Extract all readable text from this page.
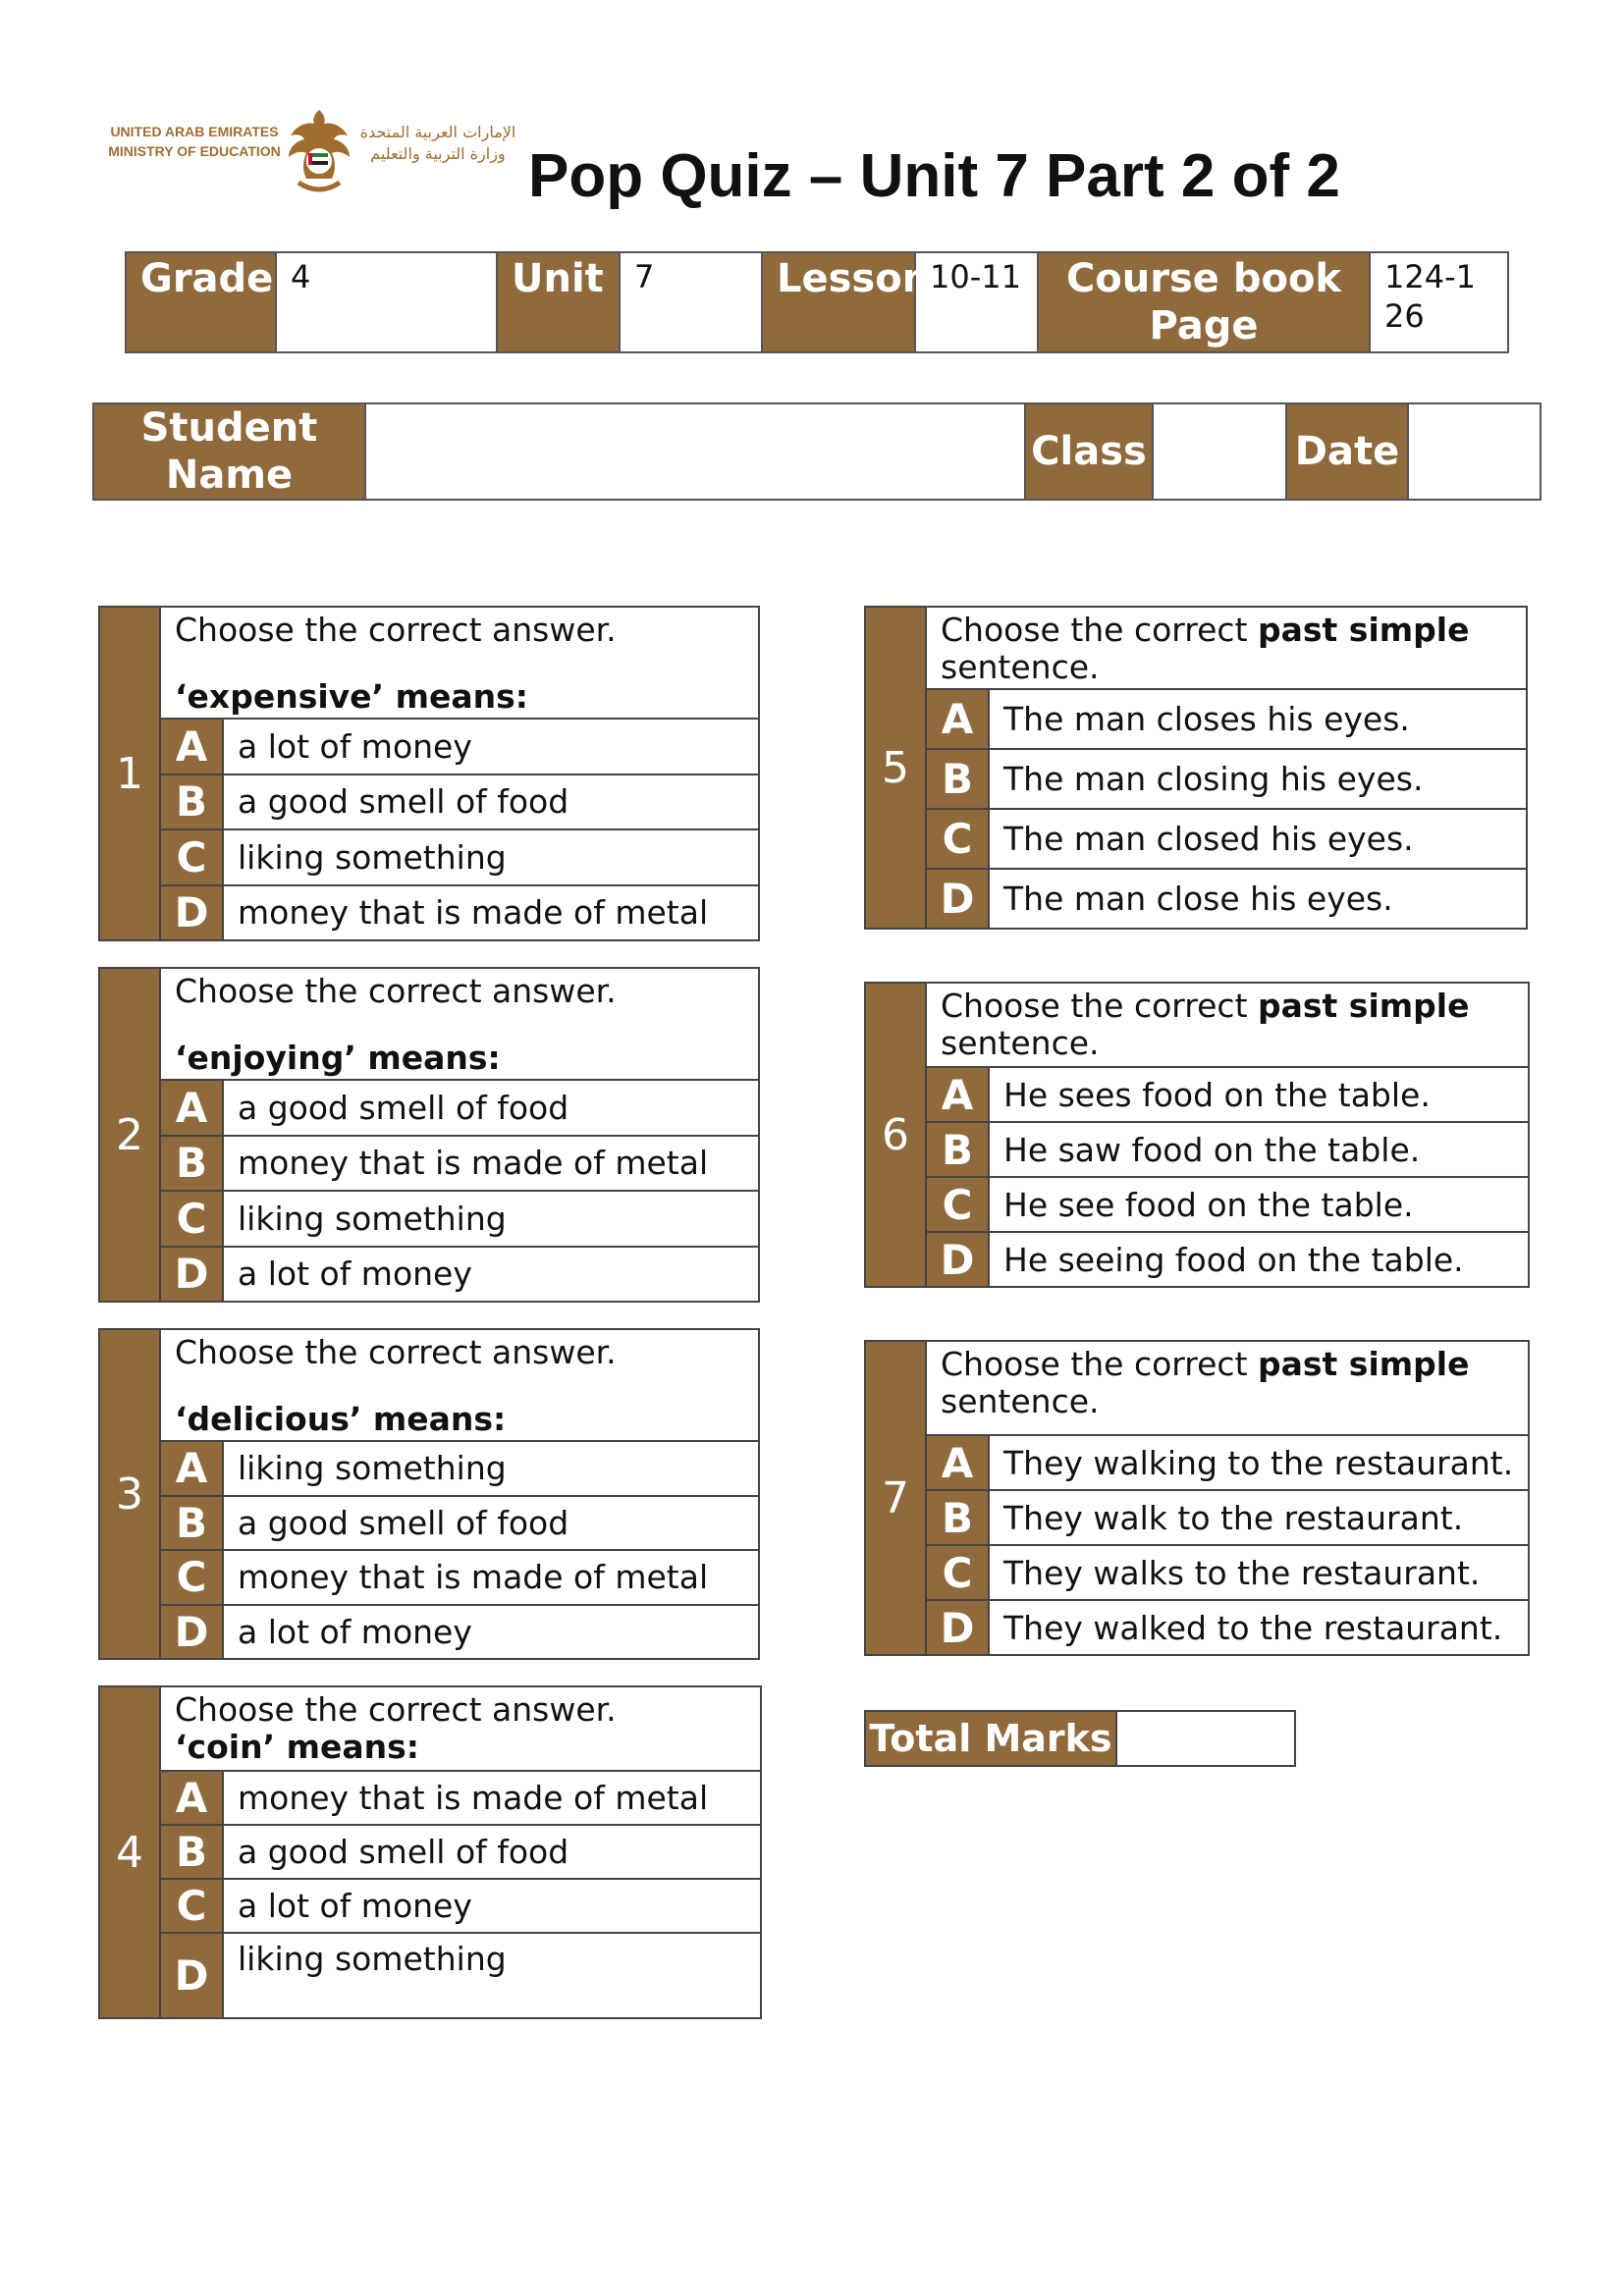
UNITED ARAB EMIRATES
MINISTRY OF EDUCATION
الإمارات العربية المتحدة
وزارة التربية والتعليم Pop Quiz – Unit 7 Part 2 of 2
Grade	4	Unit	7	Lesson	10-11	Course book Page	124-126
Student Name		Class		Date	
1
Choose the correct answer.
‘expensive’ means:
A a lot of money
B a good smell of food
C liking something
D money that is made of metal
2
Choose the correct answer.
‘enjoying’ means:
A a good smell of food
B money that is made of metal
C liking something
D a lot of money
3
Choose the correct answer.
‘delicious’ means:
A liking something
B a good smell of food
C money that is made of metal
D a lot of money
4
Choose the correct answer.
‘coin’ means:
A money that is made of metal
B a good smell of food
C a lot of money
D liking something
5
Choose the correct past simple
sentence.
A The man closes his eyes.
B The man closing his eyes.
C The man closed his eyes.
D The man close his eyes.
6
Choose the correct past simple
sentence.
A He sees food on the table.
B He saw food on the table.
C He see food on the table.
D He seeing food on the table.
7
Choose the correct past simple
sentence.
A They walking to the restaurant.
B They walk to the restaurant.
C They walks to the restaurant.
D They walked to the restaurant.
Total Marks
